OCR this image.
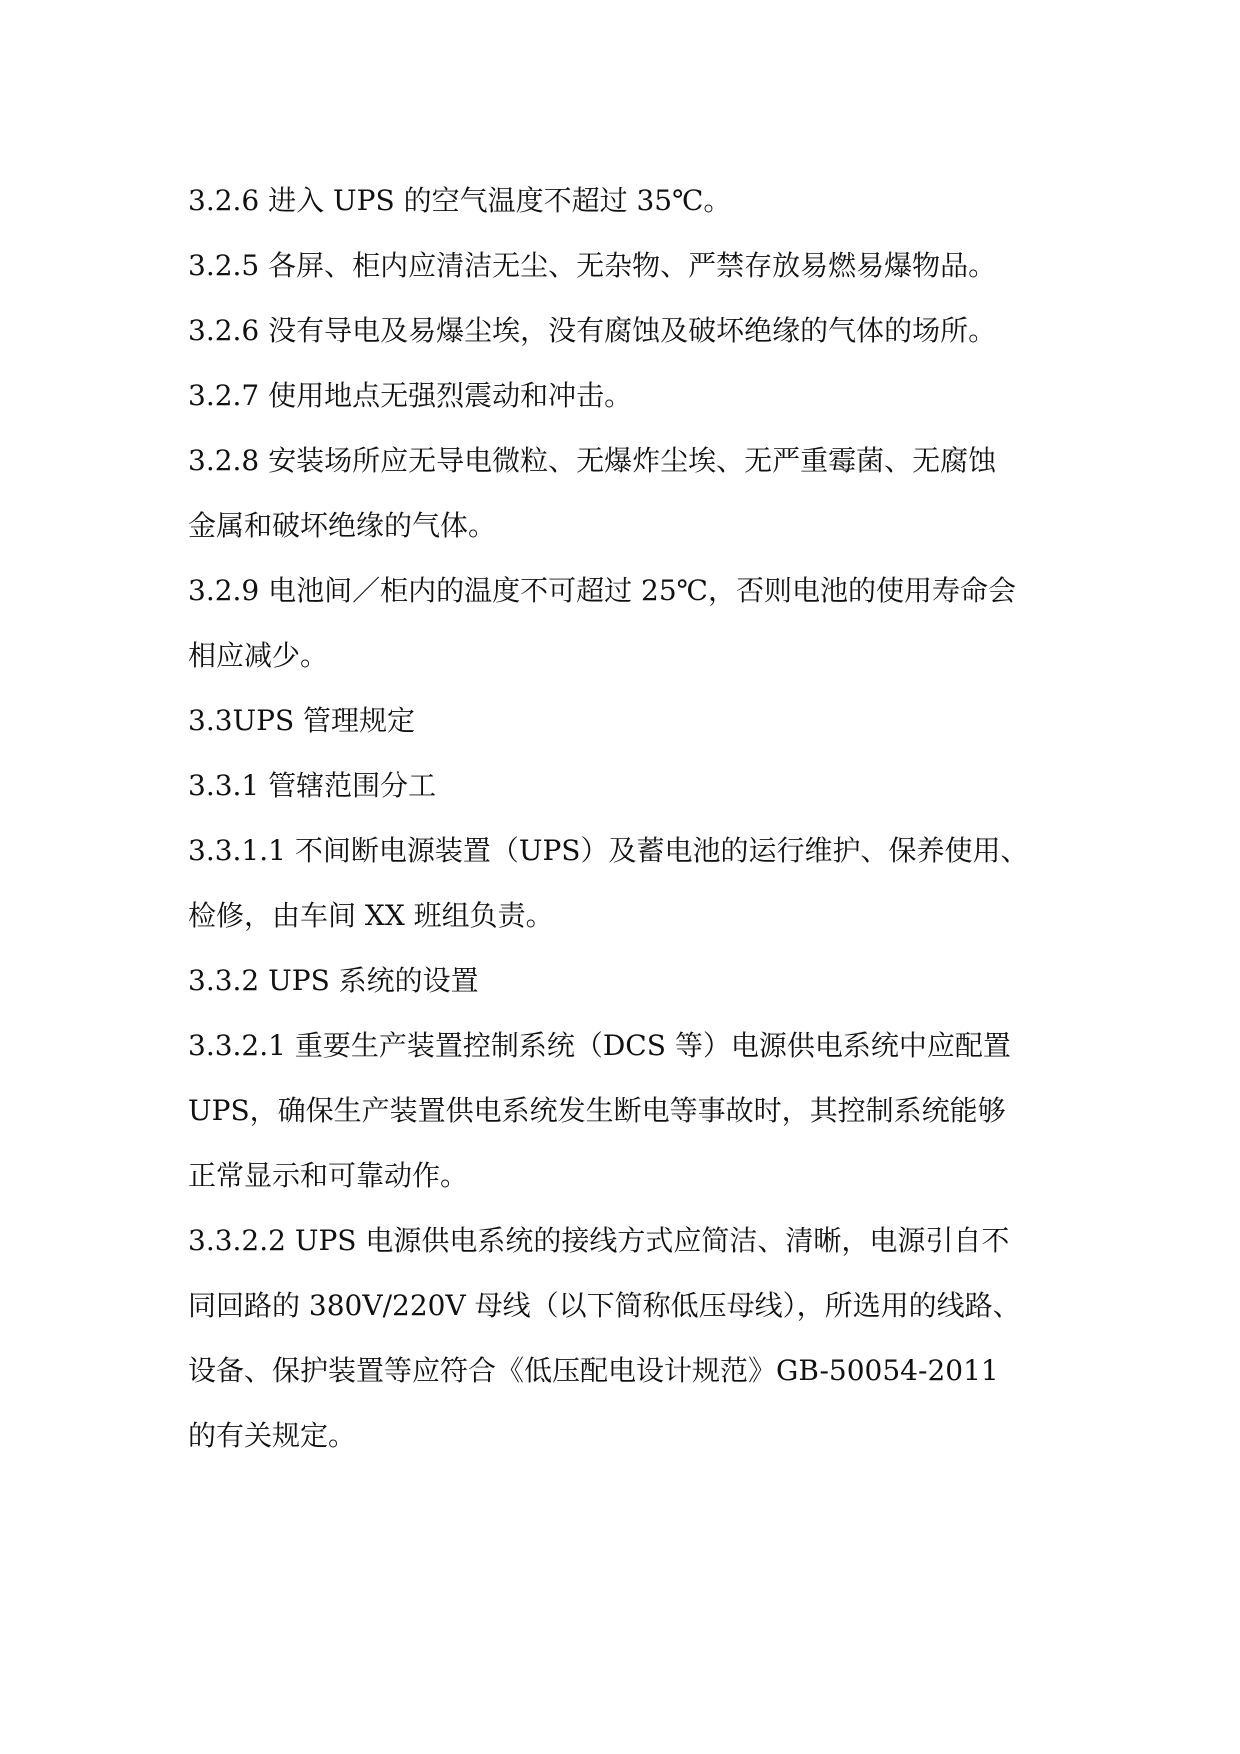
3.2.6 进入 UPS 的空气温度不超过 35℃。
3.2.5 各屏、柜内应清洁无尘、无杂物、严禁存放易燃易爆物品。
3.2.6 没有导电及易爆尘埃，没有腐蚀及破坏绝缘的气体的场所。
3.2.7 使用地点无强烈震动和冲击。
3.2.8 安装场所应无导电微粒、无爆炸尘埃、无严重霉菌、无腐蚀
金属和破坏绝缘的气体。
3.2.9 电池间／柜内的温度不可超过 25℃，否则电池的使用寿命会
相应减少。
3.3UPS 管理规定
3.3.1 管辖范围分工
3.3.1.1 不间断电源装置（UPS）及蓄电池的运行维护、保养使用、
检修，由车间 XX 班组负责。
3.3.2 UPS 系统的设置
3.3.2.1 重要生产装置控制系统（DCS 等）电源供电系统中应配置
UPS，确保生产装置供电系统发生断电等事故时，其控制系统能够
正常显示和可靠动作。
3.3.2.2 UPS 电源供电系统的接线方式应简洁、清晰，电源引自不
同回路的 380V/220V 母线（以下简称低压母线），所选用的线路、
设备、保护装置等应符合《低压配电设计规范》GB-50054-2011
的有关规定。
